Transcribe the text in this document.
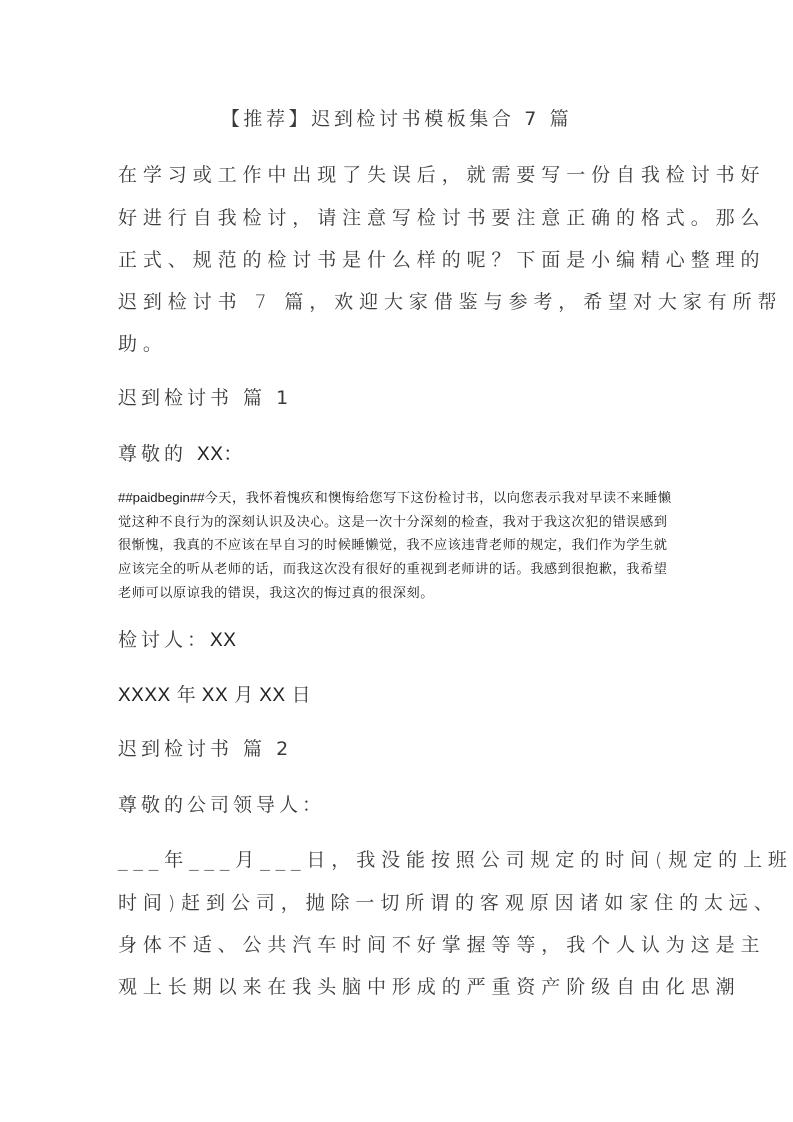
【推荐】迟到检讨书模板集合 7 篇
在学习或工作中出现了失误后，就需要写一份自我检讨书好
好进行自我检讨，请注意写检讨书要注意正确的格式。那么
正式、规范的检讨书是什么样的呢？下面是小编精心整理的
迟到检讨书 7 篇，欢迎大家借鉴与参考，希望对大家有所帮
助。
迟到检讨书 篇 1
尊敬的 XX：
##paidbegin##今天，我怀着愧疚和懊悔给您写下这份检讨书，以向您表示我对早读不来睡懒
觉这种不良行为的深刻认识及决心。这是一次十分深刻的检查，我对于我这次犯的错误感到
很惭愧，我真的不应该在早自习的时候睡懒觉，我不应该违背老师的规定，我们作为学生就
应该完全的听从老师的话，而我这次没有很好的重视到老师讲的话。我感到很抱歉，我希望
老师可以原谅我的错误，我这次的悔过真的很深刻。
检讨人：XX
XXXX 年 XX 月 XX 日
迟到检讨书 篇 2
尊敬的公司领导人：
___年___月___日，我没能按照公司规定的时间(规定的上班
时间)赶到公司，抛除一切所谓的客观原因诸如家住的太远、
身体不适、公共汽车时间不好掌握等等，我个人认为这是主
观上长期以来在我头脑中形成的严重资产阶级自由化思潮
